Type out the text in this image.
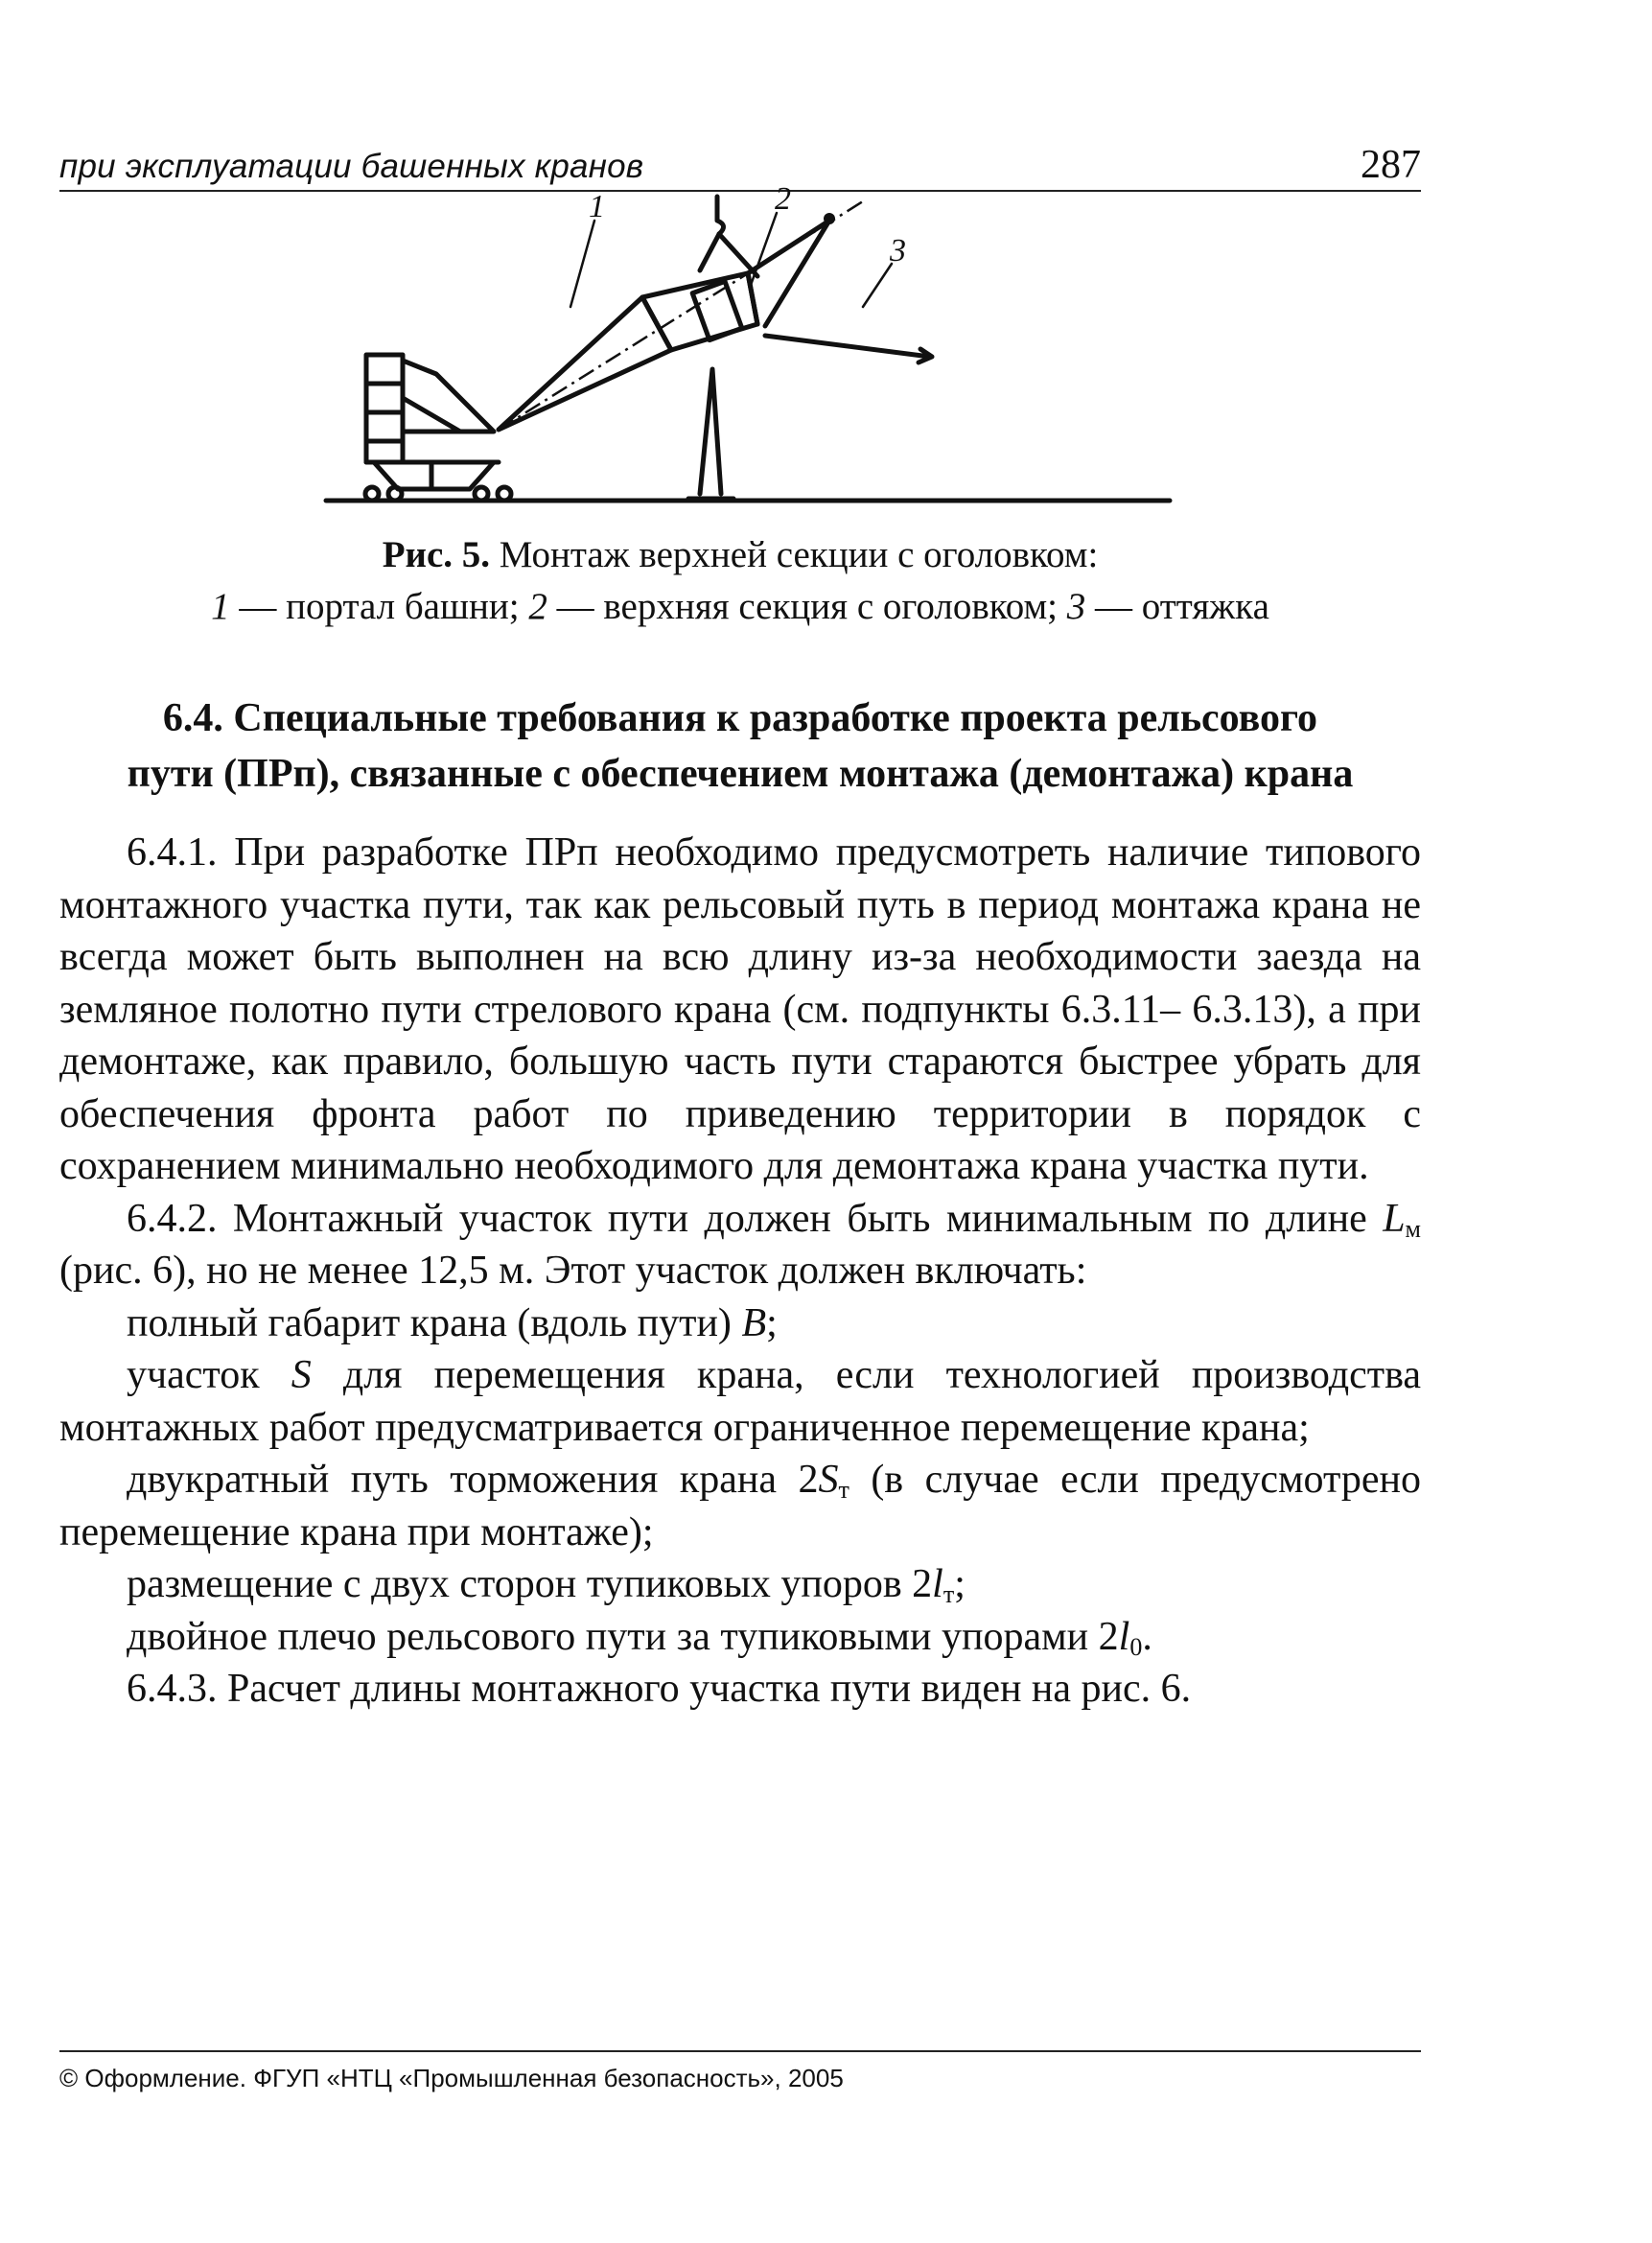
при эксплуатации башенных кранов	287
1	2
3
Рис. 5. Монтаж верхней секции с оголовком:
1 — портал башни; 2 — верхняя секция с оголовком; 3 — оттяжка
6.4. Специальные требования к разработке проекта рельсового
пути (ПРп), связанные с обеспечением монтажа (демонтажа) крана

6.4.1. При разработке ПРп необходимо предусмотреть наличие типового монтажного участка пути, так как рельсовый путь в период монтажа крана не всегда может быть выполнен на всю длину из-за необходимости заезда на земляное полотно пути стрелового крана (см. подпункты 6.3.11– 6.3.13), а при демонтаже, как правило, большую часть пути стараются быстрее убрать для обеспечения фронта работ по приведению территории в порядок с сохранением минимально необходимого для демонтажа крана участка пути.

6.4.2. Монтажный участок пути должен быть минимальным по длине $L_м$ (рис. 6), но не менее 12,5 м. Этот участок должен включать:

полный габарит крана (вдоль пути) B;

участок S для перемещения крана, если технологией производства монтажных работ предусматривается ограниченное перемещение крана;

двукратный путь торможения крана $2S_т$ (в случае если предусмотрено перемещение крана при монтаже);

размещение с двух сторон тупиковых упоров $2l_т$;

двойное плечо рельсового пути за тупиковыми упорами $2l_0$.

6.4.3. Расчет длины монтажного участка пути виден на рис. 6.

© Оформление. ФГУП «НТЦ «Промышленная безопасность», 2005
